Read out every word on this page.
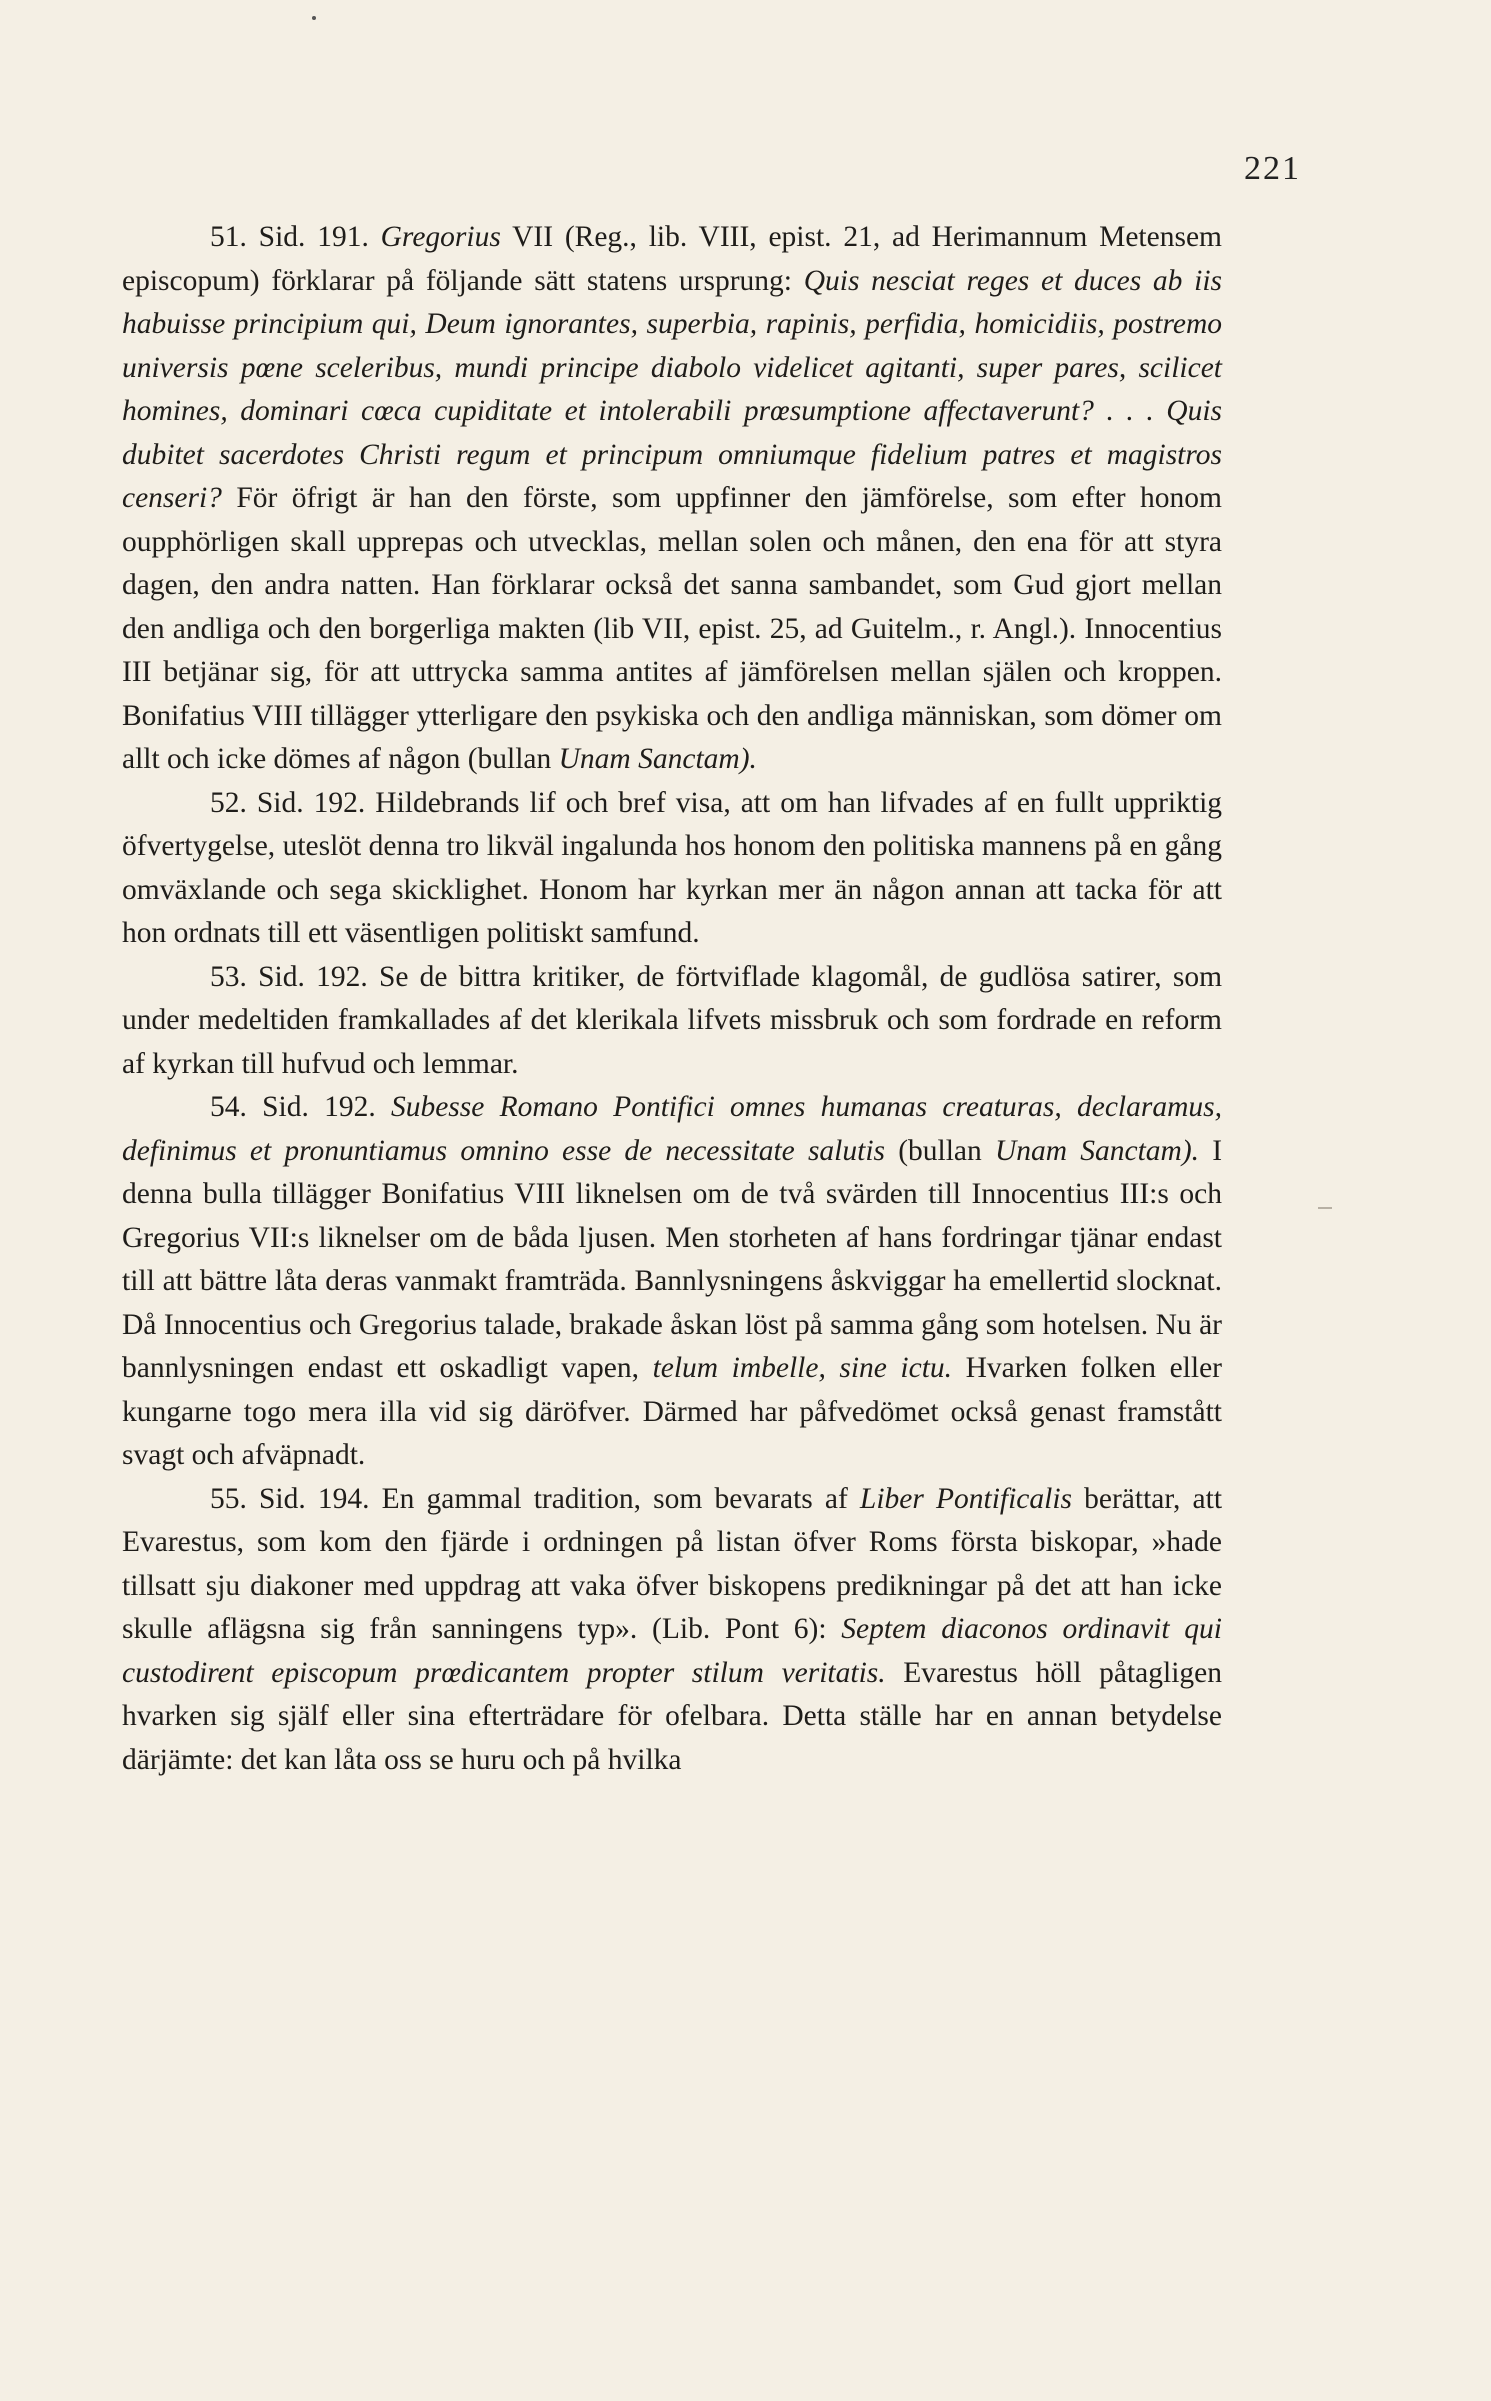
221

51. Sid. 191. Gregorius VII (Reg., lib. VIII, epist. 21, ad Herimannum Metensem episcopum) förklarar på följande sätt statens ursprung: Quis nesciat reges et duces ab iis habuisse principium qui, Deum ignorantes, superbia, rapinis, perfidia, homicidiis, postremo universis pœne sceleribus, mundi principe diabolo videlicet agitanti, super pares, scilicet homines, dominari cœca cupiditate et intolerabili prœsumptione affectaverunt? . . . Quis dubitet sacerdotes Christi regum et principum omniumque fidelium patres et magistros censeri? För öfrigt är han den förste, som uppfinner den jämförelse, som efter honom oupphörligen skall upprepas och utvecklas, mellan solen och månen, den ena för att styra dagen, den andra natten. Han förklarar också det sanna sambandet, som Gud gjort mellan den andliga och den borgerliga makten (lib VII, epist. 25, ad Guitelm., r. Angl.). Innocentius III betjänar sig, för att uttrycka samma antites af jämförelsen mellan själen och kroppen. Bonifatius VIII tillägger ytterligare den psykiska och den andliga människan, som dömer om allt och icke dömes af någon (bullan Unam Sanctam).

52. Sid. 192. Hildebrands lif och bref visa, att om han lifvades af en fullt uppriktig öfvertygelse, uteslöt denna tro likväl ingalunda hos honom den politiska mannens på en gång omväxlande och sega skicklighet. Honom har kyrkan mer än någon annan att tacka för att hon ordnats till ett väsentligen politiskt samfund.

53. Sid. 192. Se de bittra kritiker, de förtviflade klagomål, de gudlösa satirer, som under medeltiden framkallades af det klerikala lifvets missbruk och som fordrade en reform af kyrkan till hufvud och lemmar.

54. Sid. 192. Subesse Romano Pontifici omnes humanas creaturas, declaramus, definimus et pronuntiamus omnino esse de necessitate salutis (bullan Unam Sanctam). I denna bulla tillägger Bonifatius VIII liknelsen om de två svärden till Innocentius III:s och Gregorius VII:s liknelser om de båda ljusen. Men storheten af hans fordringar tjänar endast till att bättre låta deras vanmakt framträda. Bannlysningens åskviggar ha emellertid slocknat. Då Innocentius och Gregorius talade, brakade åskan löst på samma gång som hotelsen. Nu är bannlysningen endast ett oskadligt vapen, telum imbelle, sine ictu. Hvarken folken eller kungarne togo mera illa vid sig däröfver. Därmed har påfvedömet också genast framstått svagt och afväpnadt.

55. Sid. 194. En gammal tradition, som bevarats af Liber Pontificalis berättar, att Evarestus, som kom den fjärde i ordningen på listan öfver Roms första biskopar, »hade tillsatt sju diakoner med uppdrag att vaka öfver biskopens predikningar på det att han icke skulle aflägsna sig från sanningens typ». (Lib. Pont 6): Septem diaconos ordinavit qui custodirent episcopum prœdicantem propter stilum veritatis. Evarestus höll påtagligen hvarken sig själf eller sina efterträdare för ofelbara. Detta ställe har en annan betydelse därjämte: det kan låta oss se huru och på hvilka
